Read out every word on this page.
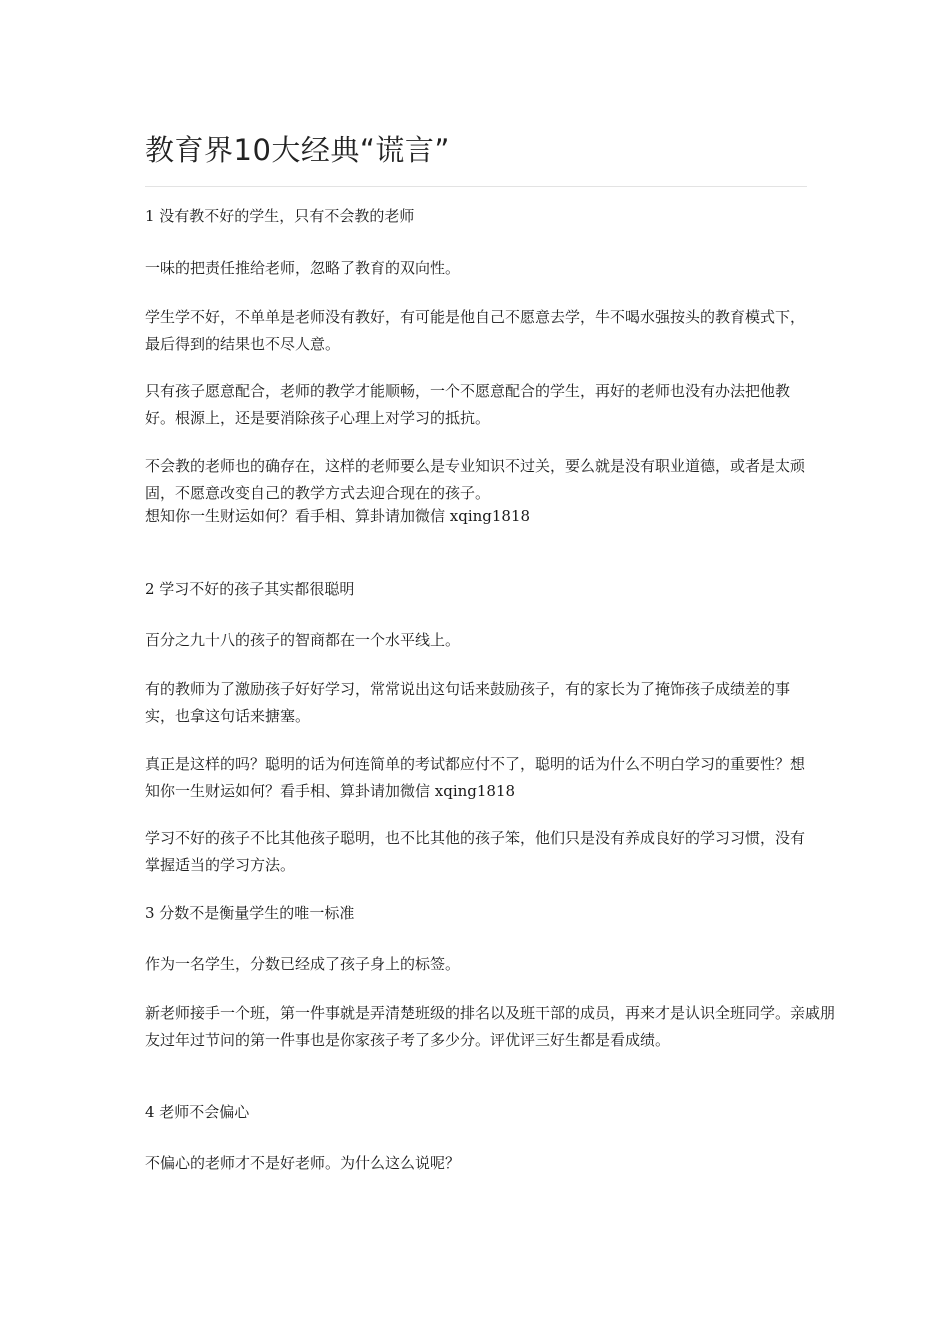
教育界10大经典“谎言”

1 没有教不好的学生，只有不会教的老师

一味的把责任推给老师，忽略了教育的双向性。

学生学不好，不单单是老师没有教好，有可能是他自己不愿意去学，牛不喝水强按头的教育模式下，最后得到的结果也不尽人意。

只有孩子愿意配合，老师的教学才能顺畅，一个不愿意配合的学生，再好的老师也没有办法把他教好。根源上，还是要消除孩子心理上对学习的抵抗。

不会教的老师也的确存在，这样的老师要么是专业知识不过关，要么就是没有职业道德，或者是太顽固，不愿意改变自己的教学方式去迎合现在的孩子。

想知你一生财运如何？看手相、算卦请加微信 xqing1818

2 学习不好的孩子其实都很聪明

百分之九十八的孩子的智商都在一个水平线上。

有的教师为了激励孩子好好学习，常常说出这句话来鼓励孩子，有的家长为了掩饰孩子成绩差的事实，也拿这句话来搪塞。

真正是这样的吗？聪明的话为何连简单的考试都应付不了，聪明的话为什么不明白学习的重要性？想知你一生财运如何？看手相、算卦请加微信 xqing1818

学习不好的孩子不比其他孩子聪明，也不比其他的孩子笨，他们只是没有养成良好的学习习惯，没有掌握适当的学习方法。

3 分数不是衡量学生的唯一标准

作为一名学生，分数已经成了孩子身上的标签。

新老师接手一个班，第一件事就是弄清楚班级的排名以及班干部的成员，再来才是认识全班同学。亲戚朋友过年过节问的第一件事也是你家孩子考了多少分。评优评三好生都是看成绩。

4 老师不会偏心

不偏心的老师才不是好老师。为什么这么说呢？
